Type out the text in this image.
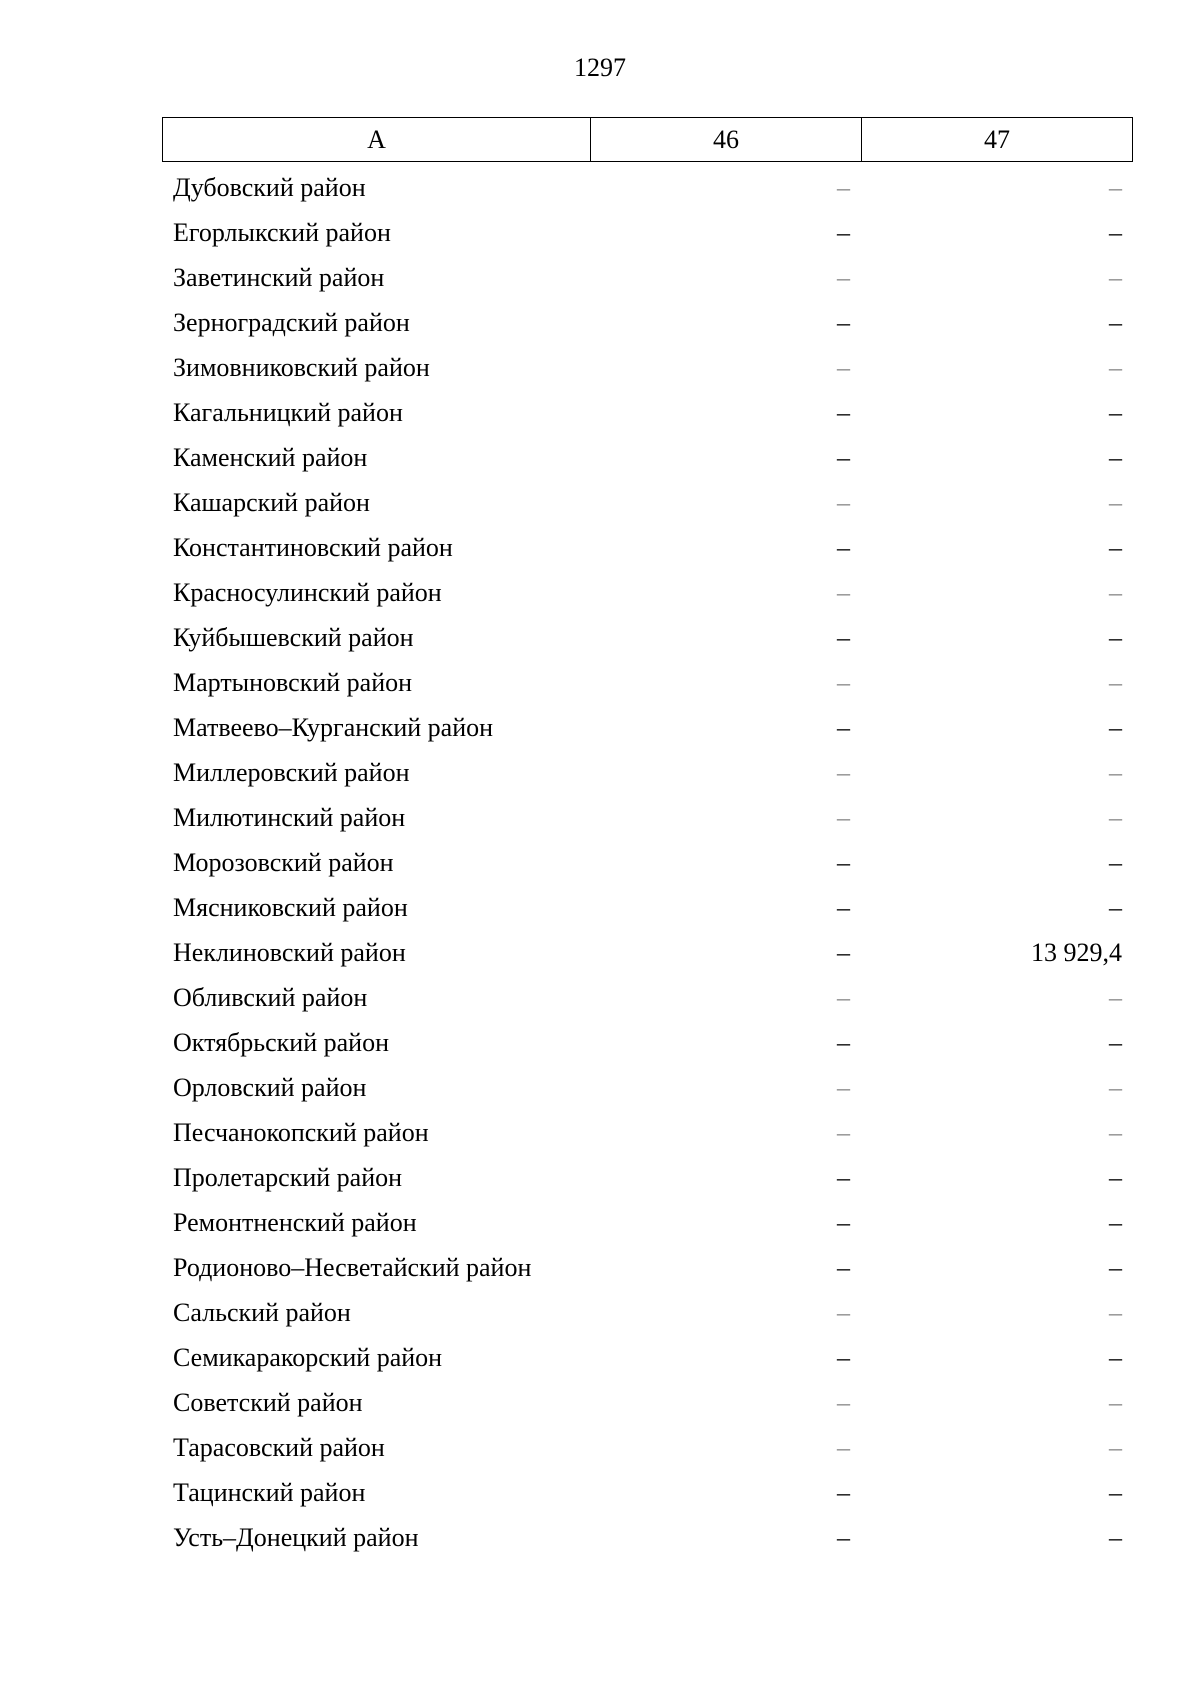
1297
А	46	47
Дубовский район	–	–
Егорлыкский район	–	–
Заветинский район	–	–
Зерноградский район	–	–
Зимовниковский район	–	–
Кагальницкий район	–	–
Каменский район	–	–
Кашарский район	–	–
Константиновский район	–	–
Красносулинский район	–	–
Куйбышевский район	–	–
Мартыновский район	–	–
Матвеево–Курганский район	–	–
Миллеровский район	–	–
Милютинский район	–	–
Морозовский район	–	–
Мясниковский район	–	–
Неклиновский район	–	13 929,4
Обливский район	–	–
Октябрьский район	–	–
Орловский район	–	–
Песчанокопский район	–	–
Пролетарский район	–	–
Ремонтненский район	–	–
Родионово–Несветайский район	–	–
Сальский район	–	–
Семикаракорский район	–	–
Советский район	–	–
Тарасовский район	–	–
Тацинский район	–	–
Усть–Донецкий район	–	–
